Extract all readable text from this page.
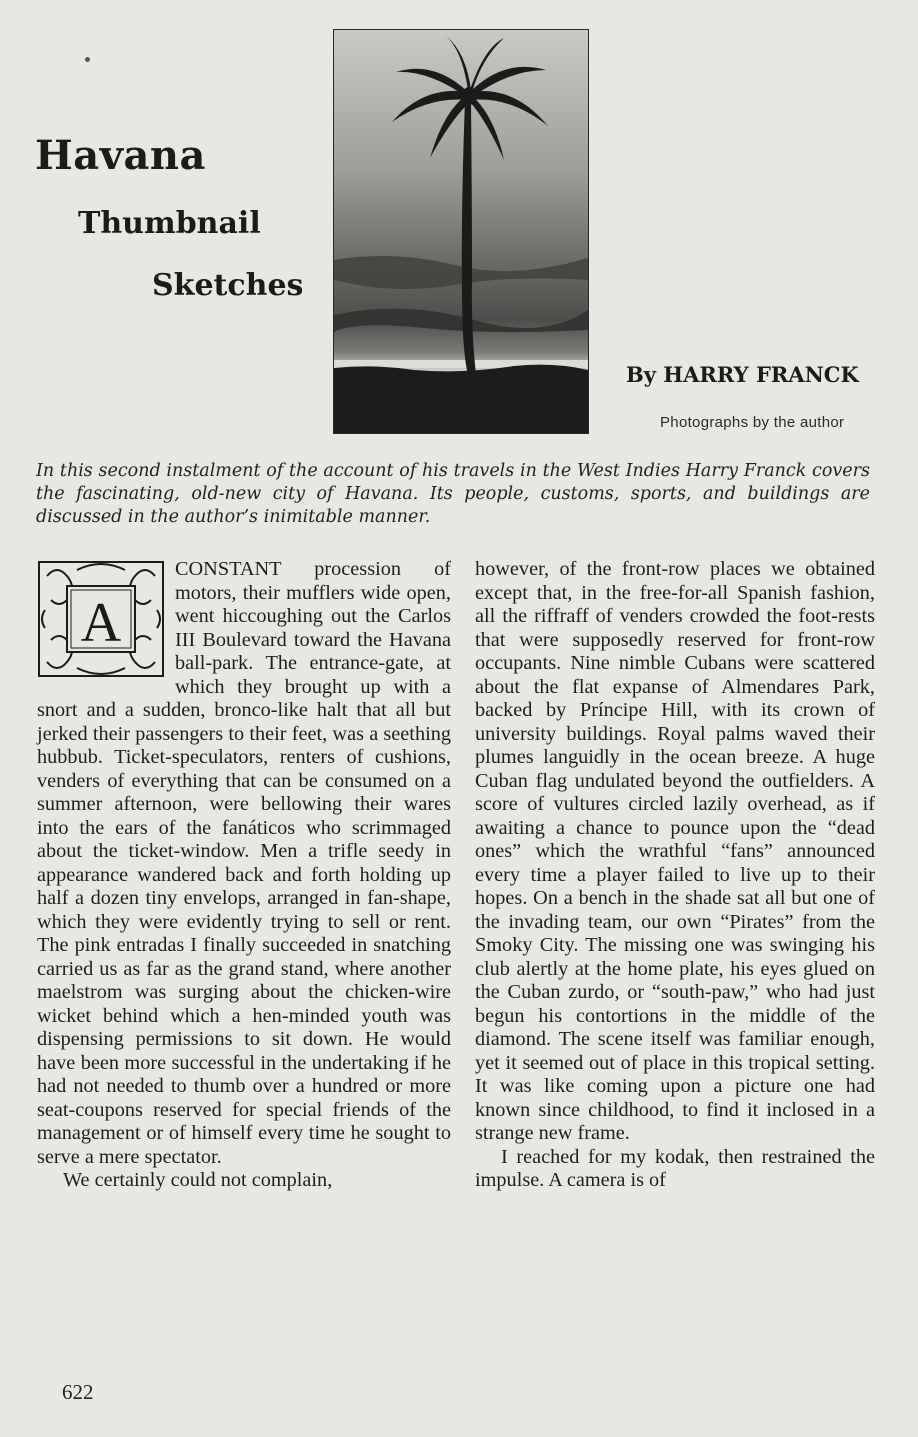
Havana
Thumbnail
Sketches
By HARRY FRANCK
Photographs by the author
In this second instalment of the account of his travels in the West Indies Harry Franck covers the fascinating, old-new city of Havana. Its people, customs, sports, and buildings are discussed in the author’s inimitable manner.
A

CONSTANT procession of motors, their mufflers wide open, went hiccoughing out the Carlos III Boulevard toward the Havana ball-park. The entrance-gate, at which they brought up with a snort and a sudden, bronco-like halt that all but jerked their passengers to their feet, was a seething hubbub. Ticket-speculators, renters of cushions, venders of everything that can be consumed on a summer afternoon, were bellowing their wares into the ears of the fanáticos who scrimmaged about the ticket-window. Men a trifle seedy in appearance wandered back and forth holding up half a dozen tiny envelops, arranged in fan-shape, which they were evidently trying to sell or rent. The pink entradas I finally succeeded in snatching carried us as far as the grand stand, where another maelstrom was surging about the chicken-wire wicket behind which a hen-minded youth was dispensing permissions to sit down. He would have been more successful in the undertaking if he had not needed to thumb over a hundred or more seat-coupons reserved for special friends of the management or of himself every time he sought to serve a mere spectator.

We certainly could not complain,

however, of the front-row places we obtained except that, in the free-for-all Spanish fashion, all the riffraff of venders crowded the foot-rests that were supposedly reserved for front-row occupants. Nine nimble Cubans were scattered about the flat expanse of Almendares Park, backed by Príncipe Hill, with its crown of university buildings. Royal palms waved their plumes languidly in the ocean breeze. A huge Cuban flag undulated beyond the outfielders. A score of vultures circled lazily overhead, as if awaiting a chance to pounce upon the “dead ones” which the wrathful “fans” announced every time a player failed to live up to their hopes. On a bench in the shade sat all but one of the invading team, our own “Pirates” from the Smoky City. The missing one was swinging his club alertly at the home plate, his eyes glued on the Cuban zurdo, or “south-paw,” who had just begun his contortions in the middle of the diamond. The scene itself was familiar enough, yet it seemed out of place in this tropical setting. It was like coming upon a picture one had known since childhood, to find it inclosed in a strange new frame.

I reached for my kodak, then restrained the impulse. A camera is of

622
